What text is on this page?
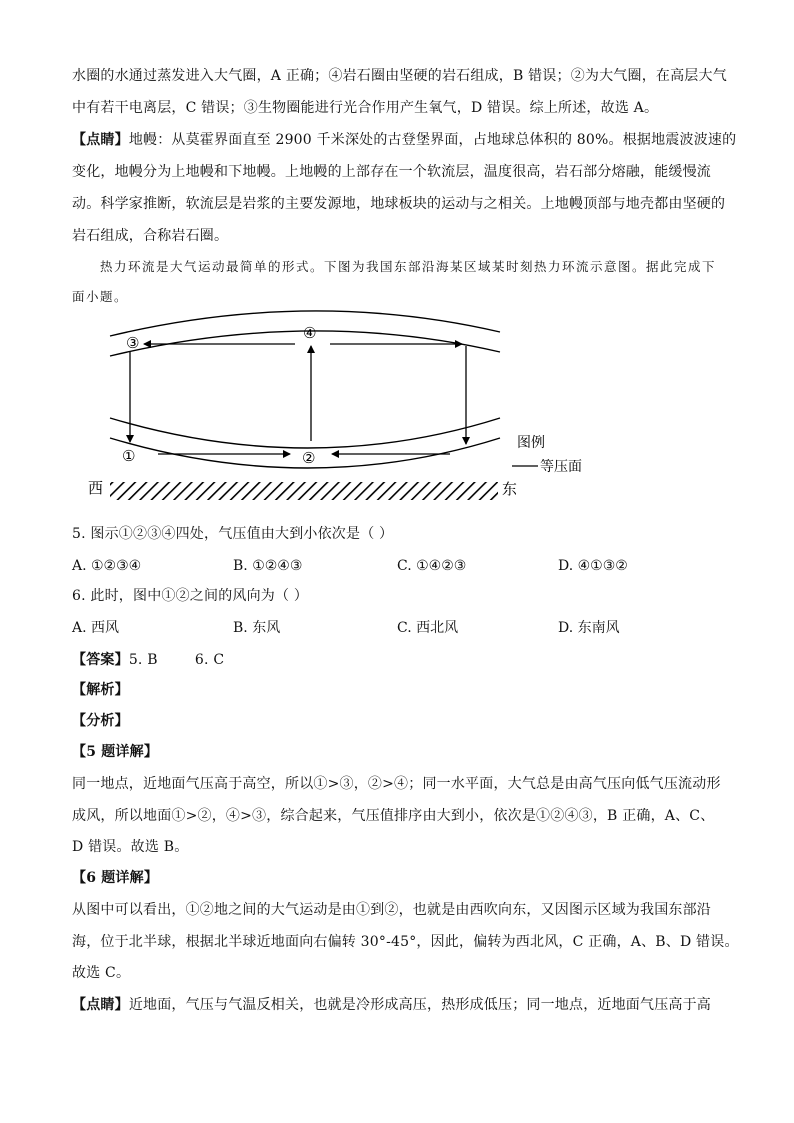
水圈的水通过蒸发进入大气圈，A 正确；④岩石圈由坚硬的岩石组成，B 错误；②为大气圈，在高层大气
中有若干电离层，C 错误；③生物圈能进行光合作用产生氧气，D 错误。综上所述，故选 A。
【点睛】地幔：从莫霍界面直至 2900 千米深处的古登堡界面，占地球总体积的 80%。根据地震波波速的
变化，地幔分为上地幔和下地幔。上地幔的上部存在一个软流层，温度很高，岩石部分熔融，能缓慢流
动。科学家推断，软流层是岩浆的主要发源地，地球板块的运动与之相关。上地幔顶部与地壳都由坚硬的
岩石组成，合称岩石圈。
热力环流是大气运动最简单的形式。下图为我国东部沿海某区域某时刻热力环流示意图。据此完成下
面小题。
③
④
①	②
图例
等压面
西	东
5. 图示①②③④四处，气压值由大到小依次是（ ）
A. ①②③④	B. ①②④③	C. ①④②③	D. ④①③②
6. 此时，图中①②之间的风向为（ ）
A. 西风	B. 东风	C. 西北风	D. 东南风
【答案】5. B        6. C
【解析】
【分析】
【5 题详解】
同一地点，近地面气压高于高空，所以①>③，②>④；同一水平面，大气总是由高气压向低气压流动形
成风，所以地面①>②，④>③，综合起来，气压值排序由大到小，依次是①②④③，B 正确，A、C、
D 错误。故选 B。
【6 题详解】
从图中可以看出，①②地之间的大气运动是由①到②，也就是由西吹向东，又因图示区域为我国东部沿
海，位于北半球，根据北半球近地面向右偏转 30°-45°，因此，偏转为西北风，C 正确，A、B、D 错误。
故选 C。
【点睛】近地面，气压与气温反相关，也就是冷形成高压，热形成低压；同一地点，近地面气压高于高
